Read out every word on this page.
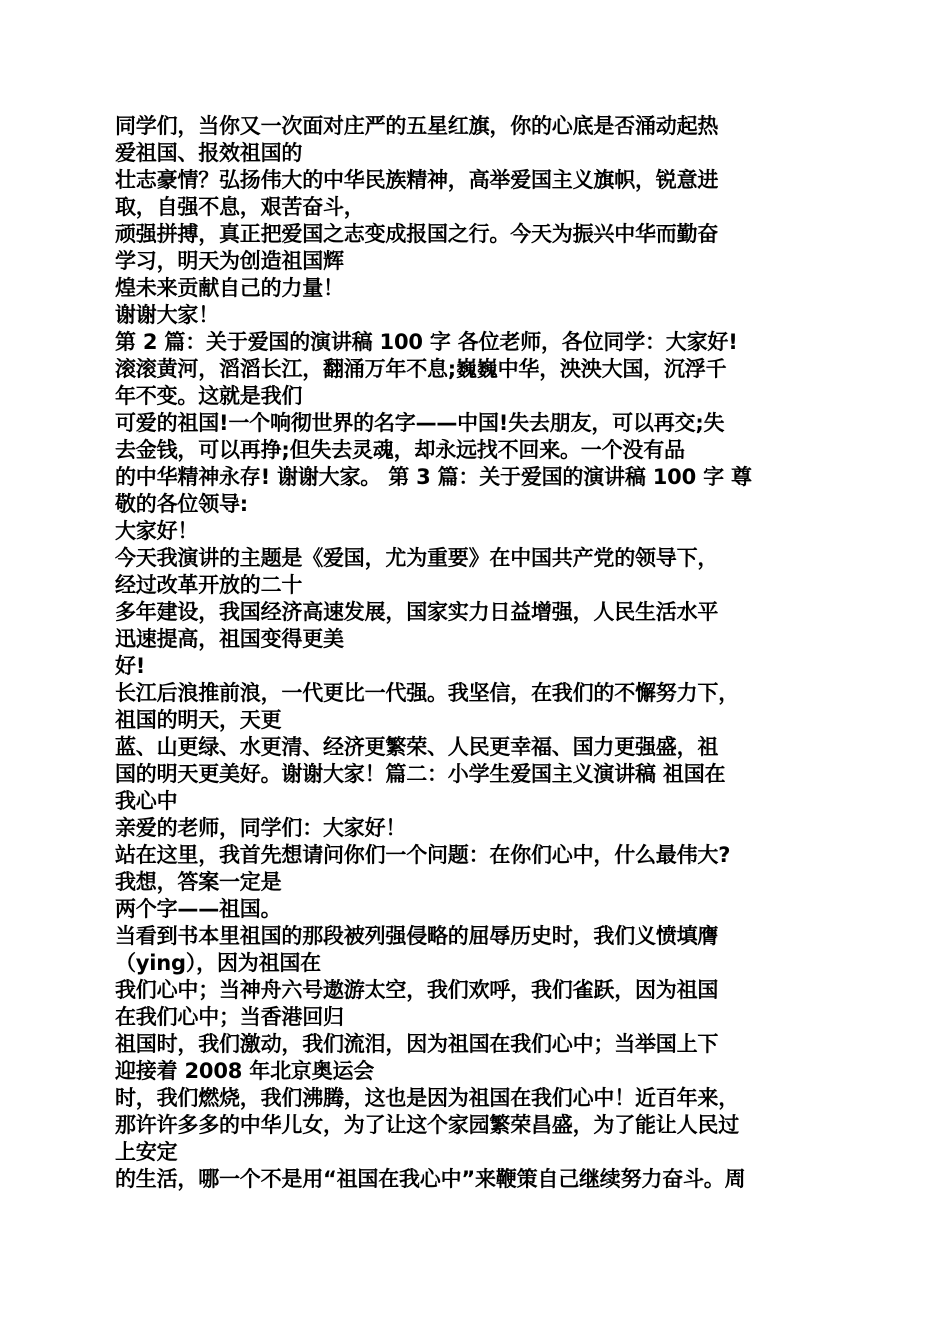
同学们，当你又一次面对庄严的五星红旗，你的心底是否涌动起热
爱祖国、报效祖国的
壮志豪情？弘扬伟大的中华民族精神，高举爱国主义旗帜，锐意进
取，自强不息，艰苦奋斗，
顽强拼搏，真正把爱国之志变成报国之行。今天为振兴中华而勤奋
学习，明天为创造祖国辉
煌未来贡献自己的力量！
谢谢大家！
第 2 篇：关于爱国的演讲稿 100 字 各位老师，各位同学：大家好!
滚滚黄河，滔滔长江，翻涌万年不息;巍巍中华，泱泱大国，沉浮千
年不变。这就是我们
可爱的祖国!一个响彻世界的名字——中国!失去朋友，可以再交;失
去金钱，可以再挣;但失去灵魂，却永远找不回来。一个没有品
的中华精神永存! 谢谢大家。 第 3 篇：关于爱国的演讲稿 100 字 尊
敬的各位领导:
大家好！
今天我演讲的主题是《爱国，尤为重要》在中国共产党的领导下，
经过改革开放的二十
多年建设，我国经济高速发展，国家实力日益增强，人民生活水平
迅速提高，祖国变得更美
好!
长江后浪推前浪，一代更比一代强。我坚信，在我们的不懈努力下，
祖国的明天，天更
蓝、山更绿、水更清、经济更繁荣、人民更幸福、国力更强盛，祖
国的明天更美好。谢谢大家！篇二：小学生爱国主义演讲稿 祖国在
我心中
亲爱的老师，同学们：大家好！
站在这里，我首先想请问你们一个问题：在你们心中，什么最伟大?
我想，答案一定是
两个字——祖国。
当看到书本里祖国的那段被列强侵略的屈辱历史时，我们义愤填膺
（ying），因为祖国在
我们心中；当神舟六号遨游太空，我们欢呼，我们雀跃，因为祖国
在我们心中；当香港回归
祖国时，我们激动，我们流泪，因为祖国在我们心中；当举国上下
迎接着 2008 年北京奥运会
时，我们燃烧，我们沸腾，这也是因为祖国在我们心中！近百年来，
那许许多多的中华儿女，为了让这个家园繁荣昌盛，为了能让人民过
上安定
的生活，哪一个不是用“祖国在我心中”来鞭策自己继续努力奋斗。周
